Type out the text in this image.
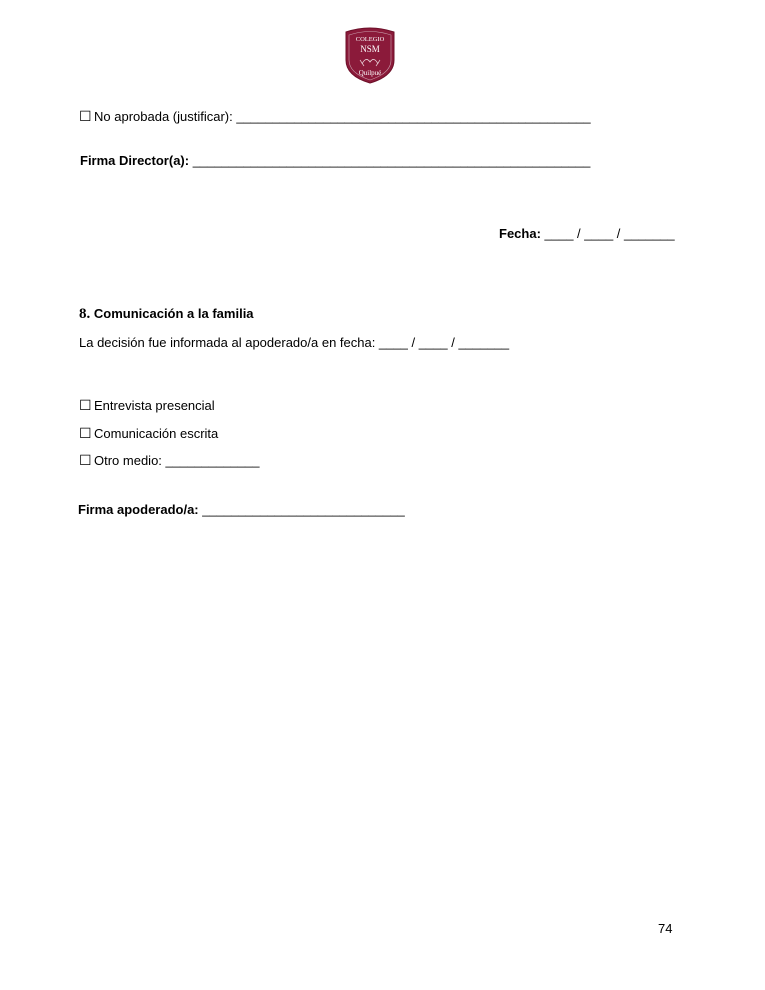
COLEGIO
NSM
Quilpué
☐ No aprobada (justificar): _________________________________________________
Firma Director(a): _______________________________________________________
Fecha: ____ / ____ / _______
8. Comunicación a la familia
La decisión fue informada al apoderado/a en fecha: ____ / ____ / _______
☐ Entrevista presencial
☐ Comunicación escrita
☐ Otro medio: _____________
Firma apoderado/a: ____________________________
74
